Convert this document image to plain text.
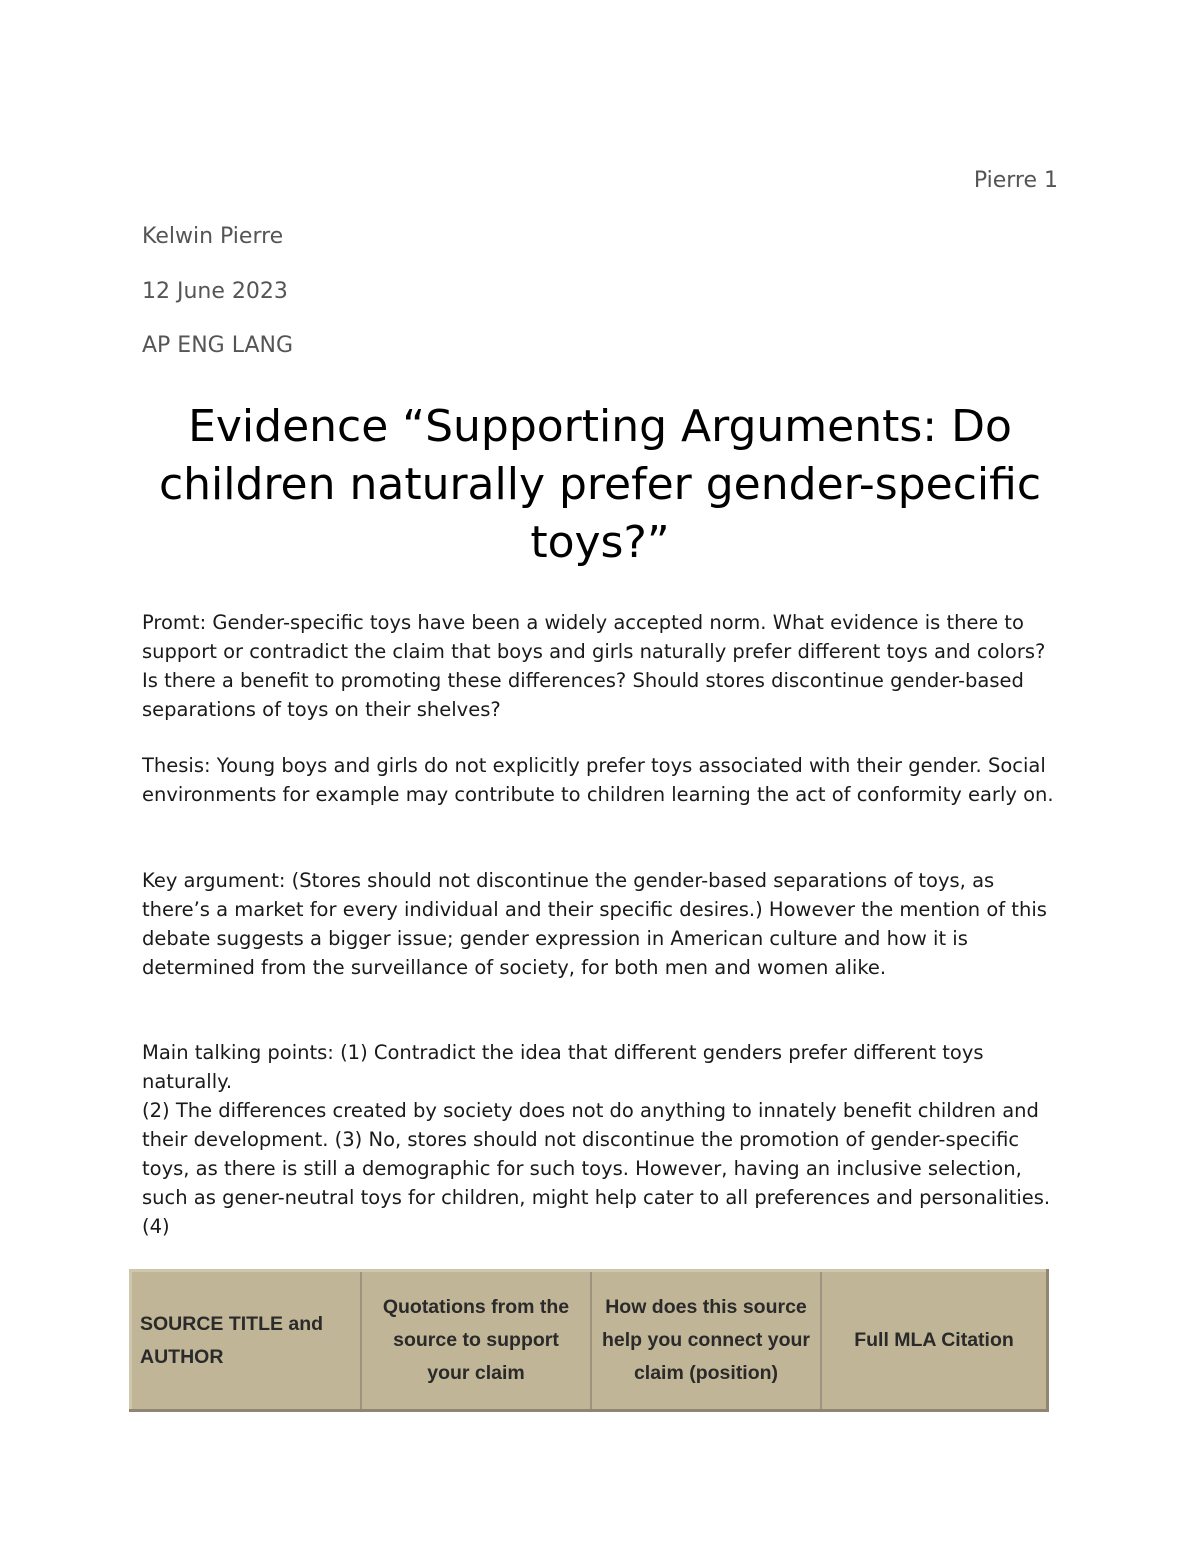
Pierre 1
Kelwin Pierre
12 June 2023
AP ENG LANG
Evidence “Supporting Arguments: Do children naturally prefer gender-specific toys?”

Promt: Gender-specific toys have been a widely accepted norm. What evidence is there to support or contradict the claim that boys and girls naturally prefer different toys and colors? Is there a benefit to promoting these differences? Should stores discontinue gender-based separations of toys on their shelves?

Thesis: Young boys and girls do not explicitly prefer toys associated with their gender. Social environments for example may contribute to children learning the act of conformity early on.

Key argument: (Stores should not discontinue the gender-based separations of toys, as there’s a market for every individual and their specific desires.) However the mention of this debate suggests a bigger issue; gender expression in American culture and how it is determined from the surveillance of society, for both men and women alike.

Main talking points: (1) Contradict the idea that different genders prefer different toys naturally.
(2) The differences created by society does not do anything to innately benefit children and their development. (3) No, stores should not discontinue the promotion of gender-specific toys, as there is still a demographic for such toys. However, having an inclusive selection, such as gener-neutral toys for children, might help cater to all preferences and personalities. (4)

SOURCE TITLE and AUTHOR	Quotations from the source to support your claim	How does this source help you connect your claim (position)	Full MLA Citation
